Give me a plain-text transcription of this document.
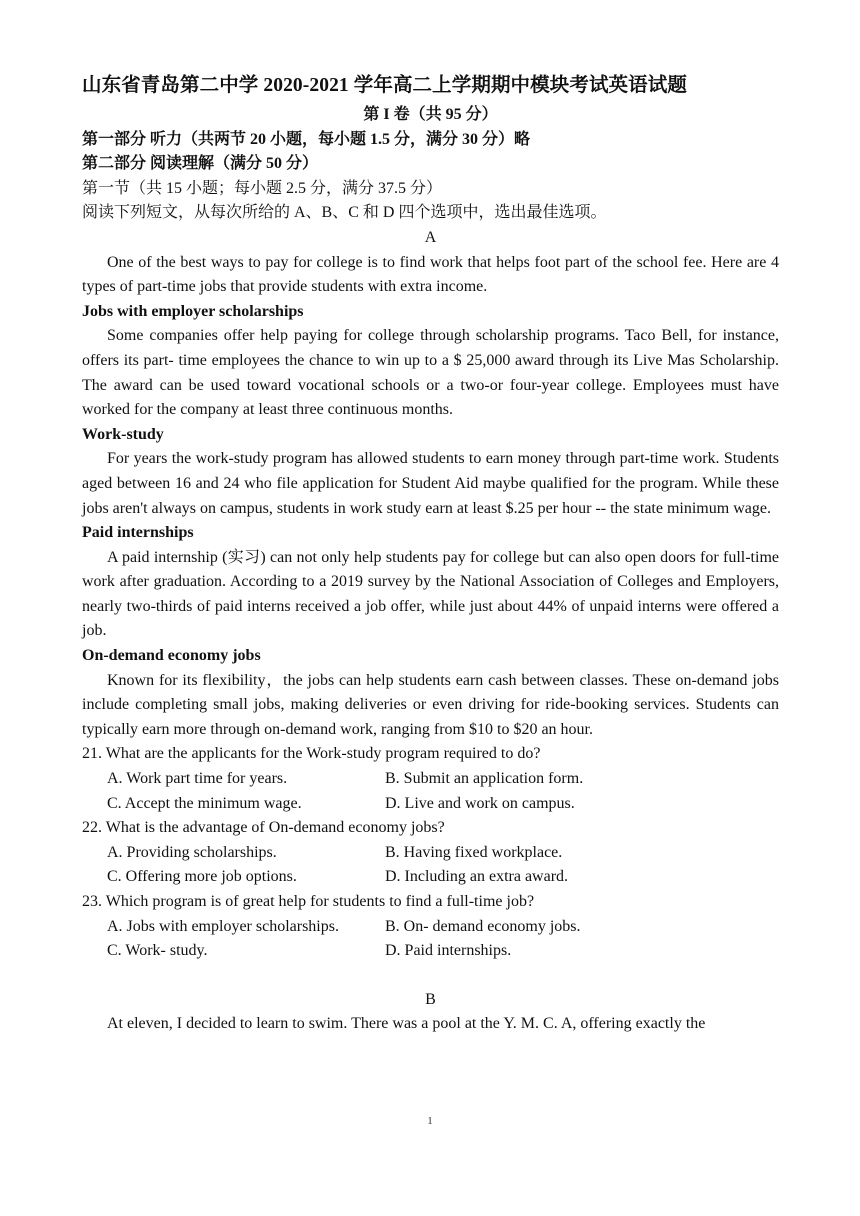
山东省青岛第二中学 2020-2021 学年高二上学期期中模块考试英语试题

第 I 卷（共 95 分）

第一部分 听力（共两节 20 小题，每小题 1.5 分，满分 30 分）略

第二部分 阅读理解（满分 50 分）

第一节（共 15 小题；每小题 2.5 分，满分 37.5 分）

阅读下列短文，从每次所给的 A、B、C 和 D 四个选项中，选出最佳选项。

A

One of the best ways to pay for college is to find work that helps foot part of the school fee. Here are 4 types of part-time jobs that provide students with extra income.

Jobs with employer scholarships

Some companies offer help paying for college through scholarship programs. Taco Bell, for instance, offers its part- time employees the chance to win up to a $ 25,000 award through its Live Mas Scholarship. The award can be used toward vocational schools or a two-or four-year college. Employees must have worked for the company at least three continuous months.

Work-study

For years the work-study program has allowed students to earn money through part-time work. Students aged between 16 and 24 who file application for Student Aid maybe qualified for the program. While these jobs aren't always on campus, students in work study earn at least $.25 per hour -- the state minimum wage.

Paid internships

A paid internship (实习) can not only help students pay for college but can also open doors for full-time work after graduation. According to a 2019 survey by the National Association of Colleges and Employers, nearly two-thirds of paid interns received a job offer, while just about 44% of unpaid interns were offered a job.

On-demand economy jobs

Known for its flexibility，the jobs can help students earn cash between classes. These on-demand jobs include completing small jobs, making deliveries or even driving for ride-booking services. Students can typically earn more through on-demand work, ranging from $10 to $20 an hour.

21. What are the applicants for the Work-study program required to do?

A. Work part time for years.	B. Submit an application form.
C. Accept the minimum wage.	D. Live and work on campus.

22. What is the advantage of On-demand economy jobs?

A. Providing scholarships.	B. Having fixed workplace.
C. Offering more job options.	D. Including an extra award.

23. Which program is of great help for students to find a full-time job?

A. Jobs with employer scholarships.	B. On- demand economy jobs.
C. Work- study.	D. Paid internships.

B

At eleven, I decided to learn to swim. There was a pool at the Y. M. C. A, offering exactly the

1
